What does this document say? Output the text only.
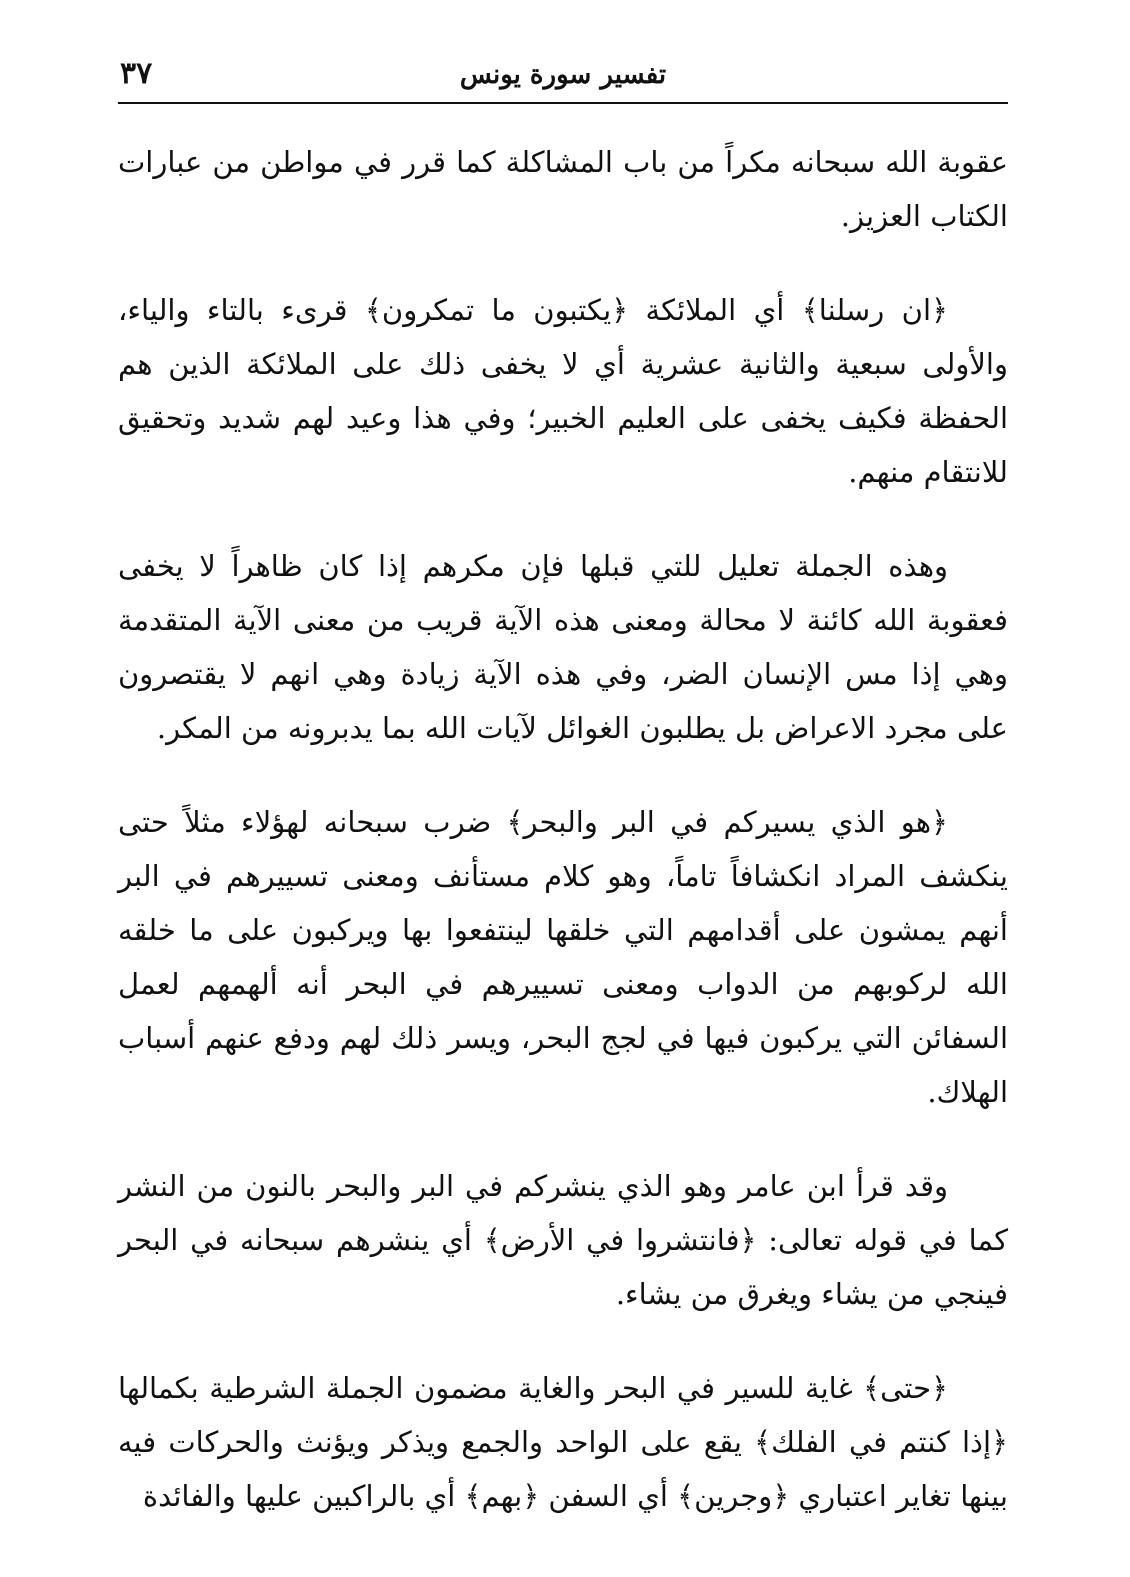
٣٧	تفسير سورة يونس

عقوبة الله سبحانه مكراً من باب المشاكلة كما قرر في مواطن من عبارات الكتاب العزيز.

﴿ان رسلنا﴾ أي الملائكة ﴿يكتبون ما تمكرون﴾ قرىء بالتاء والياء، والأولى سبعية والثانية عشرية أي لا يخفى ذلك على الملائكة الذين هم الحفظة فكيف يخفى على العليم الخبير؛ وفي هذا وعيد لهم شديد وتحقيق للانتقام منهم.

وهذه الجملة تعليل للتي قبلها فإن مكرهم إذا كان ظاهراً لا يخفى فعقوبة الله كائنة لا محالة ومعنى هذه الآية قريب من معنى الآية المتقدمة وهي إذا مس الإنسان الضر، وفي هذه الآية زيادة وهي انهم لا يقتصرون على مجرد الاعراض بل يطلبون الغوائل لآيات الله بما يدبرونه من المكر.

﴿هو الذي يسيركم في البر والبحر﴾ ضرب سبحانه لهؤلاء مثلاً حتى ينكشف المراد انكشافاً تاماً، وهو كلام مستأنف ومعنى تسييرهم في البر أنهم يمشون على أقدامهم التي خلقها لينتفعوا بها ويركبون على ما خلقه الله لركوبهم من الدواب ومعنى تسييرهم في البحر أنه ألهمهم لعمل السفائن التي يركبون فيها في لجج البحر، ويسر ذلك لهم ودفع عنهم أسباب الهلاك.

وقد قرأ ابن عامر وهو الذي ينشركم في البر والبحر بالنون من النشر كما في قوله تعالى: ﴿فانتشروا في الأرض﴾ أي ينشرهم سبحانه في البحر فينجي من يشاء ويغرق من يشاء.

﴿حتى﴾ غاية للسير في البحر والغاية مضمون الجملة الشرطية بكمالها ﴿إذا كنتم في الفلك﴾ يقع على الواحد والجمع ويذكر ويؤنث والحركات فيه بينها تغاير اعتباري ﴿وجرين﴾ أي السفن ﴿بهم﴾ أي بالراكبين عليها والفائدة
